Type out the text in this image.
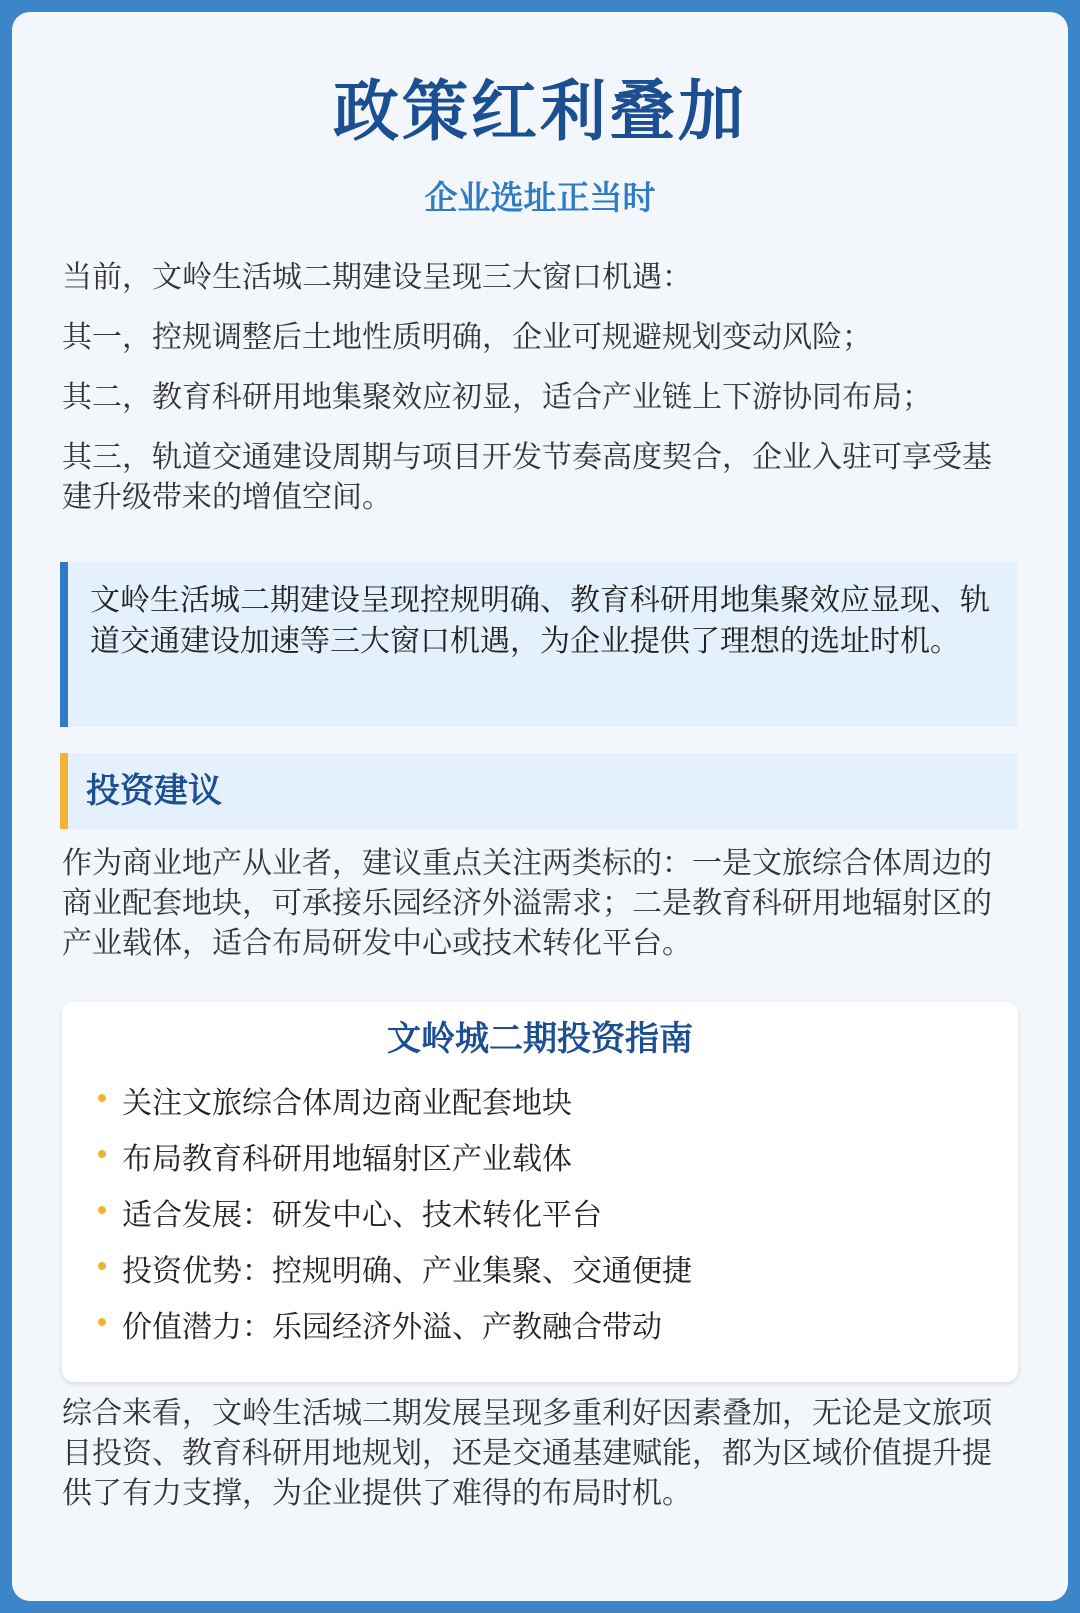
政策红利叠加
企业选址正当时

当前，文岭生活城二期建设呈现三大窗口机遇：

其一，控规调整后土地性质明确，企业可规避规划变动风险；

其二，教育科研用地集聚效应初显，适合产业链上下游协同布局；

其三，轨道交通建设周期与项目开发节奏高度契合，企业入驻可享受基建升级带来的增值空间。

文岭生活城二期建设呈现控规明确、教育科研用地集聚效应显现、轨道交通建设加速等三大窗口机遇，为企业提供了理想的选址时机。

投资建议

作为商业地产从业者，建议重点关注两类标的：一是文旅综合体周边的商业配套地块，可承接乐园经济外溢需求；二是教育科研用地辐射区的产业载体，适合布局研发中心或技术转化平台。

文岭城二期投资指南
关注文旅综合体周边商业配套地块
布局教育科研用地辐射区产业载体
适合发展：研发中心、技术转化平台
投资优势：控规明确、产业集聚、交通便捷
价值潜力：乐园经济外溢、产教融合带动

综合来看，文岭生活城二期发展呈现多重利好因素叠加，无论是文旅项目投资、教育科研用地规划，还是交通基建赋能，都为区域价值提升提供了有力支撑，为企业提供了难得的布局时机。
